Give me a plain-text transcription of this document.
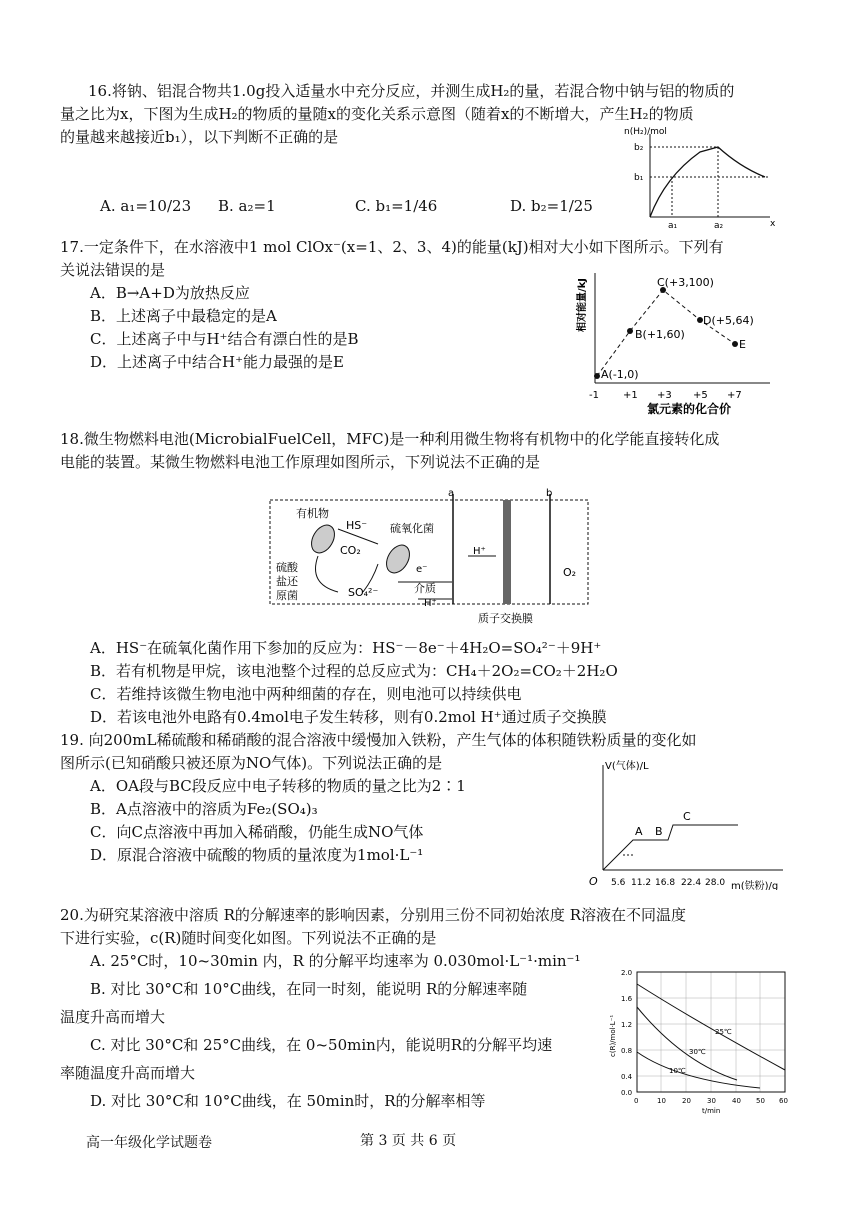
16.将钠、铝混合物共1.0g投入适量水中充分反应，并测生成H₂的量，若混合物中钠与铝的物质的
量之比为x，下图为生成H₂的物质的量随x的变化关系示意图（随着x的不断增大，产生H₂的物质
的量越来越接近b₁），以下判断不正确的是
A. a₁=10/23 B. a₂=1	C. b₁=1/46	D. b₂=1/25
n(H₂)/mol
b₂
b₁
a₁	a₂	x
17.一定条件下，在水溶液中1 mol ClOx⁻(x=1、2、3、4)的能量(kJ)相对大小如下图所示。下列有
关说法错误的是
A．B→A+D为放热反应
B．上述离子中最稳定的是A
C．上述离子中与H⁺结合有漂白性的是B
D．上述离子中结合H⁺能力最强的是E
相对能量/kJ
A(-1,0)
B(+1,60)
C(+3,100)
D(+5,64)
E
-1 +1 +3 +5 +7
氯元素的化合价
18.微生物燃料电池(MicrobialFuelCell，MFC)是一种利用微生物将有机物中的化学能直接转化成
电能的装置。某微生物燃料电池工作原理如图所示，下列说法不正确的是
a	b
有机物
HS⁻
CO₂
硫氧化菌
硫酸
盐还
原菌	SO₄²⁻
e⁻
介质
H⁺
H⁺
O₂
质子交换膜
A．HS⁻在硫氧化菌作用下参加的反应为：HS⁻－8e⁻＋4H₂O=SO₄²⁻＋9H⁺
B．若有机物是甲烷，该电池整个过程的总反应式为：CH₄＋2O₂=CO₂＋2H₂O
C．若维持该微生物电池中两种细菌的存在，则电池可以持续供电
D．若该电池外电路有0.4mol电子发生转移，则有0.2mol H⁺通过质子交换膜
19. 向200mL稀硫酸和稀硝酸的混合溶液中缓慢加入铁粉，产生气体的体积随铁粉质量的变化如
图所示(已知硝酸只被还原为NO气体)。下列说法正确的是
A．OA段与BC段反应中电子转移的物质的量之比为2∶1
B．A点溶液中的溶质为Fe₂(SO₄)₃
C．向C点溶液中再加入稀硝酸，仍能生成NO气体
D．原混合溶液中硫酸的物质的量浓度为1mol·L⁻¹
V(气体)/L
O 5.6 11.2 16.8 22.4 28.0 m(铁粉)/g
A B
C
20.为研究某溶液中溶质 R的分解速率的影响因素，分别用三份不同初始浓度 R溶液在不同温度
下进行实验，c(R)随时间变化如图。下列说法不正确的是
A. 25°C时，10~30min 内，R 的分解平均速率为 0.030mol·L⁻¹·min⁻¹
B. 对比 30°C和 10°C曲线，在同一时刻，能说明 R的分解速率随
温度升高而增大
C. 对比 30°C和 25°C曲线，在 0~50min内，能说明R的分解平均速
率随温度升高而增大
D. 对比 30°C和 10°C曲线，在 50min时，R的分解率相等
2.0
1.6
1.2
0.8
0.4
0.0
0	10 20 30 40 50 60
t/min
c(R)/mol·L⁻¹	25℃
30℃
10℃
高一年级化学试题卷	第 3 页 共 6 页
